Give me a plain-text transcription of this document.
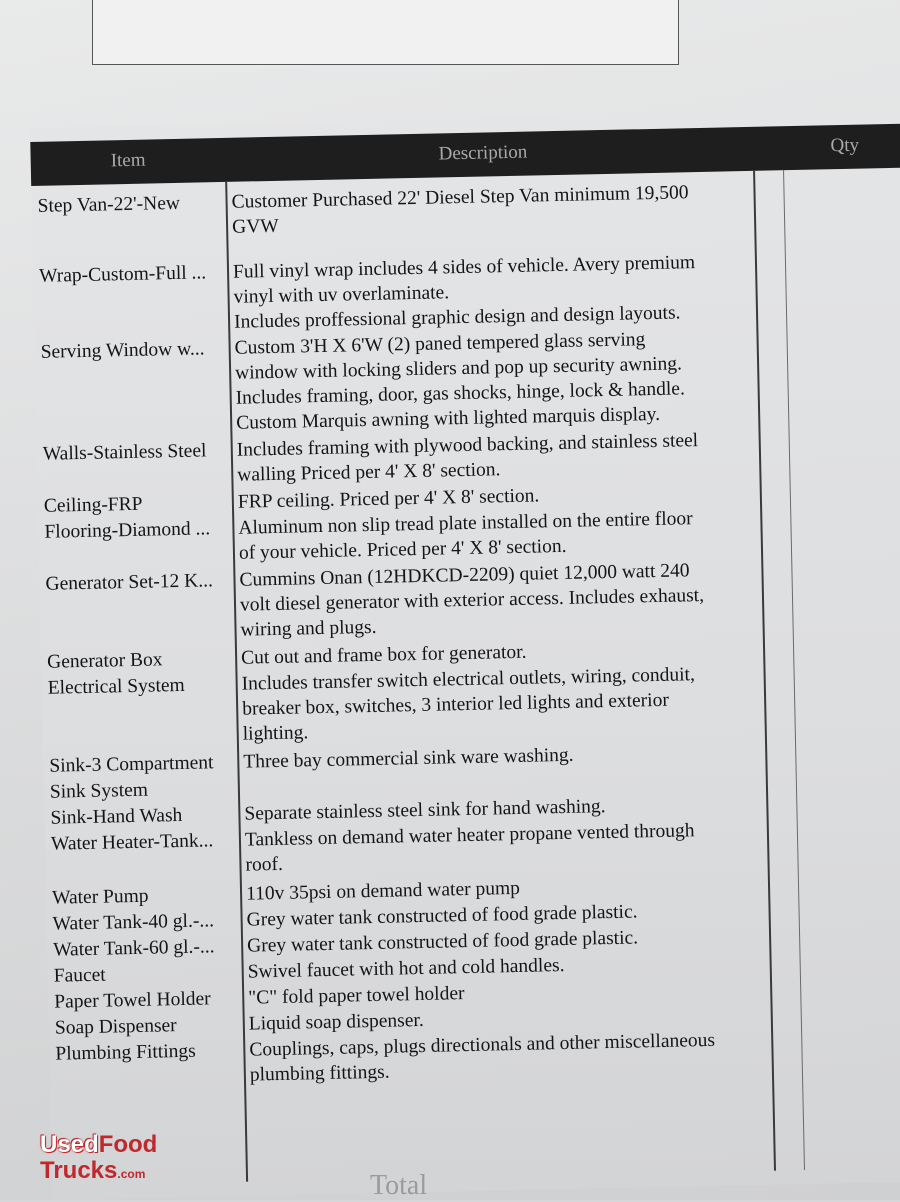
Item	Description	Qty
Step Van-22'-New	Customer Purchased 22' Diesel Step Van minimum 19,500
GVW
Wrap-Custom-Full ...	Full vinyl wrap includes 4 sides of vehicle. Avery premium
vinyl with uv overlaminate.
Includes proffessional graphic design and design layouts.
Serving Window w...	Custom 3'H X 6'W (2) paned tempered glass serving
window with locking sliders and pop up security awning.
Includes framing, door, gas shocks, hinge, lock & handle.
Custom Marquis awning with lighted marquis display.
Walls-Stainless Steel	Includes framing with plywood backing, and stainless steel
walling Priced per 4' X 8' section.
Ceiling-FRP	FRP ceiling. Priced per 4' X 8' section.
Flooring-Diamond ...	Aluminum non slip tread plate installed on the entire floor
of your vehicle. Priced per 4' X 8' section.
Generator Set-12 K...	Cummins Onan (12HDKCD-2209) quiet 12,000 watt 240
volt diesel generator with exterior access. Includes exhaust,
wiring and plugs.
Generator Box	Cut out and frame box for generator.
Electrical System	Includes transfer switch electrical outlets, wiring, conduit,
breaker box, switches, 3 interior led lights and exterior
lighting.
Sink-3 Compartment	Three bay commercial sink ware washing.
Sink System
Sink-Hand Wash	Separate stainless steel sink for hand washing.
Water Heater-Tank...	Tankless on demand water heater propane vented through
roof.
Water Pump	110v 35psi on demand water pump
Water Tank-40 gl.-...	Grey water tank constructed of food grade plastic.
Water Tank-60 gl.-...	Grey water tank constructed of food grade plastic.
Faucet	Swivel faucet with hot and cold handles.
Paper Towel Holder	"C" fold paper towel holder
Soap Dispenser	Liquid soap dispenser.
Plumbing Fittings	Couplings, caps, plugs directionals and other miscellaneous
plumbing fittings.
Total
UsedFood
Trucks.com
